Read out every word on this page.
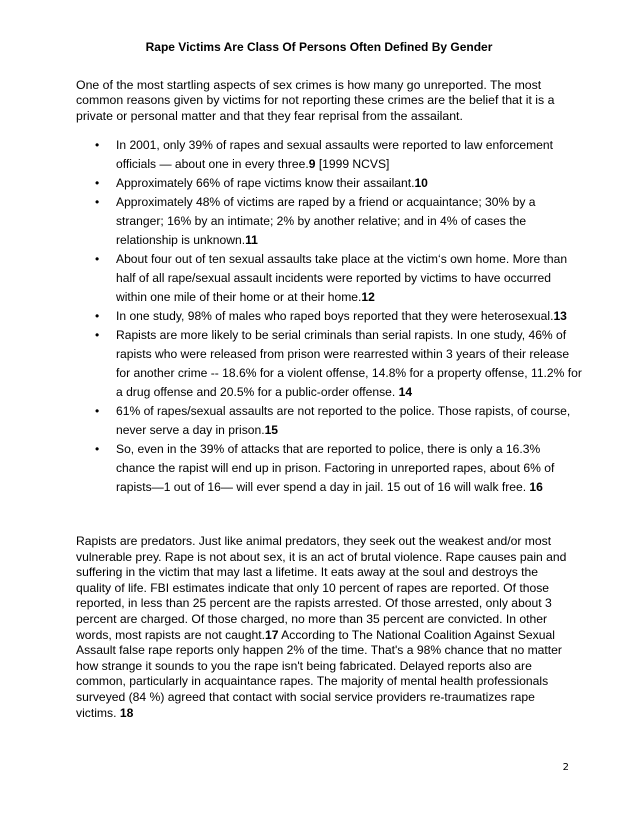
Rape Victims Are Class Of Persons Often Defined By Gender

One of the most startling aspects of sex crimes is how many go unreported. The most common reasons given by victims for not reporting these crimes are the belief that it is a private or personal matter and that they fear reprisal from the assailant.

• In 2001, only 39% of rapes and sexual assaults were reported to law enforcement officials — about one in every three.9 [1999 NCVS]
• Approximately 66% of rape victims know their assailant.10
• Approximately 48% of victims are raped by a friend or acquaintance; 30% by a stranger; 16% by an intimate; 2% by another relative; and in 4% of cases the relationship is unknown.11
• About four out of ten sexual assaults take place at the victim‘s own home. More than half of all rape/sexual assault incidents were reported by victims to have occurred within one mile of their home or at their home.12
• In one study, 98% of males who raped boys reported that they were heterosexual.13
• Rapists are more likely to be serial criminals than serial rapists. In one study, 46% of rapists who were released from prison were rearrested within 3 years of their release for another crime -- 18.6% for a violent offense, 14.8% for a property offense, 11.2% for a drug offense and 20.5% for a public-order offense. 14
• 61% of rapes/sexual assaults are not reported to the police. Those rapists, of course, never serve a day in prison.15
• So, even in the 39% of attacks that are reported to police, there is only a 16.3% chance the rapist will end up in prison. Factoring in unreported rapes, about 6% of rapists—1 out of 16— will ever spend a day in jail. 15 out of 16 will walk free. 16

Rapists are predators. Just like animal predators, they seek out the weakest and/or most vulnerable prey. Rape is not about sex, it is an act of brutal violence. Rape causes pain and suffering in the victim that may last a lifetime. It eats away at the soul and destroys the quality of life. FBI estimates indicate that only 10 percent of rapes are reported. Of those reported, in less than 25 percent are the rapists arrested. Of those arrested, only about 3 percent are charged. Of those charged, no more than 35 percent are convicted. In other words, most rapists are not caught.17 According to The National Coalition Against Sexual Assault false rape reports only happen 2% of the time. That's a 98% chance that no matter how strange it sounds to you the rape isn't being fabricated. Delayed reports also are common, particularly in acquaintance rapes. The majority of mental health professionals surveyed (84 %) agreed that contact with social service providers re-traumatizes rape victims. 18

2
